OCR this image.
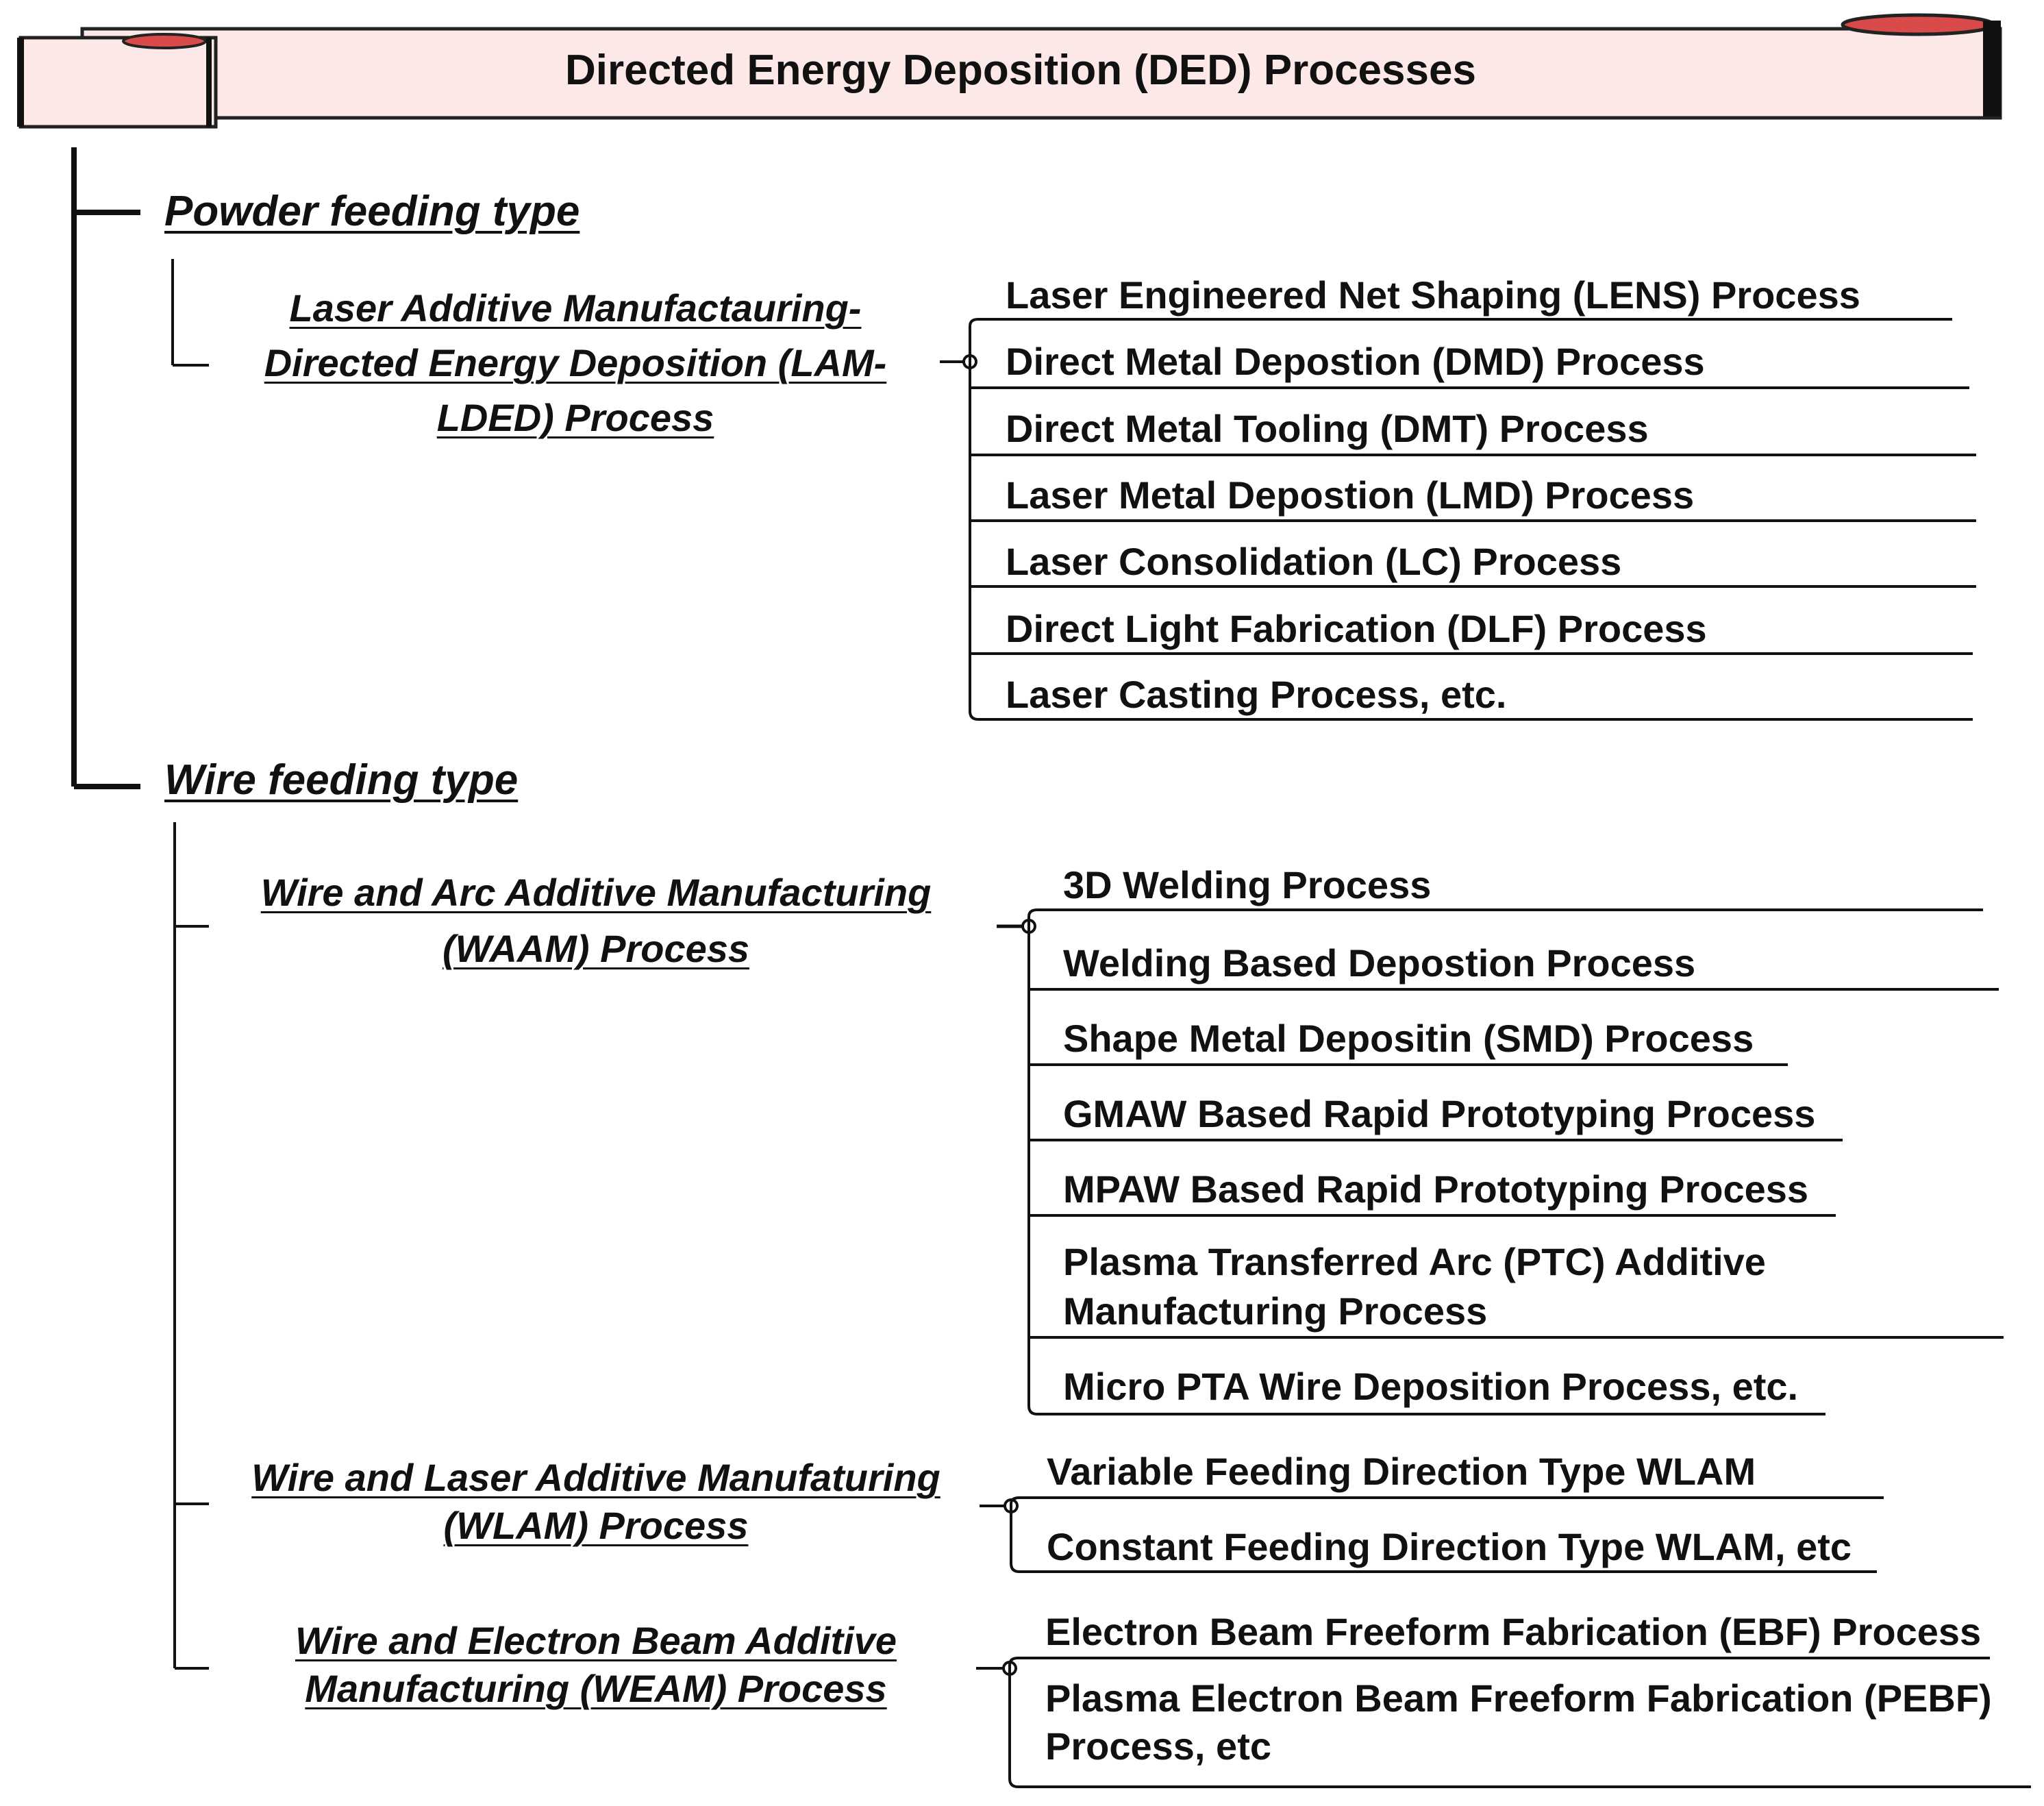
Directed Energy Deposition (DED) Processes

Powder feeding type

Wire feeding type

Laser Additive Manufactauring-
Directed Energy Deposition (LAM-
LDED) Process

Laser Engineered Net Shaping (LENS) Process

Direct Metal Depostion (DMD) Process

Direct Metal Tooling (DMT) Process

Laser Metal Depostion (LMD) Process

Laser Consolidation (LC) Process

Direct Light Fabrication (DLF) Process

Laser Casting Process, etc.

Wire and Arc Additive Manufacturing
(WAAM) Process

3D Welding Process

Welding Based Depostion Process

Shape Metal Depositin (SMD) Process

GMAW Based Rapid Prototyping Process

MPAW Based Rapid Prototyping Process

Plasma Transferred Arc (PTC) Additive Manufacturing Process

Micro PTA Wire Deposition Process, etc.

Wire and Laser Additive Manufaturing
(WLAM) Process

Variable Feeding Direction Type WLAM

Constant Feeding Direction Type WLAM, etc

Wire and Electron Beam Additive
Manufacturing (WEAM) Process

Electron Beam Freeform Fabrication (EBF) Process

Plasma Electron Beam Freeform Fabrication (PEBF) Process, etc
